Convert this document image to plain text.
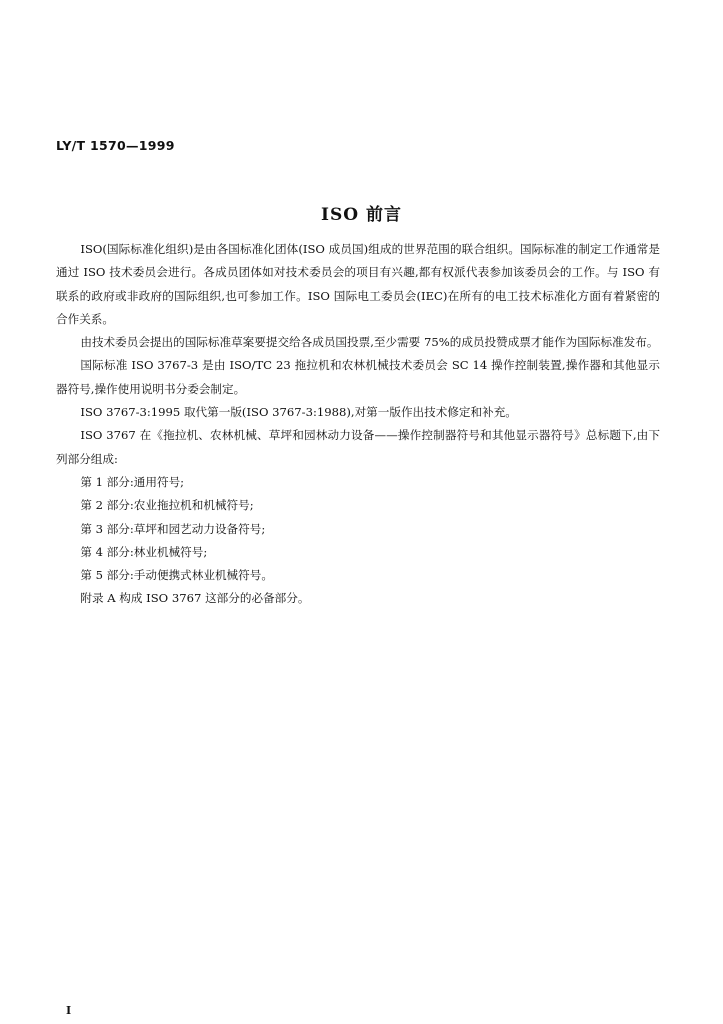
LY/T 1570—1999
ISO 前言

ISO(国际标准化组织)是由各国标准化团体(ISO 成员国)组成的世界范围的联合组织。国际标准的制定工作通常是通过 ISO 技术委员会进行。各成员团体如对技术委员会的项目有兴趣,都有权派代表参加该委员会的工作。与 ISO 有联系的政府或非政府的国际组织,也可参加工作。ISO 国际电工委员会(IEC)在所有的电工技术标准化方面有着紧密的合作关系。

由技术委员会提出的国际标准草案要提交给各成员国投票,至少需要 75%的成员投赞成票才能作为国际标准发布。

国际标准 ISO 3767-3 是由 ISO/TC 23 拖拉机和农林机械技术委员会 SC 14 操作控制装置,操作器和其他显示器符号,操作使用说明书分委会制定。

ISO 3767-3:1995 取代第一版(ISO 3767-3:1988),对第一版作出技术修定和补充。

ISO 3767 在《拖拉机、农林机械、草坪和园林动力设备——操作控制器符号和其他显示器符号》总标题下,由下列部分组成:

第 1 部分:通用符号;

第 2 部分:农业拖拉机和机械符号;

第 3 部分:草坪和园艺动力设备符号;

第 4 部分:林业机械符号;

第 5 部分:手动便携式林业机械符号。

附录 A 构成 ISO 3767 这部分的必备部分。

I
